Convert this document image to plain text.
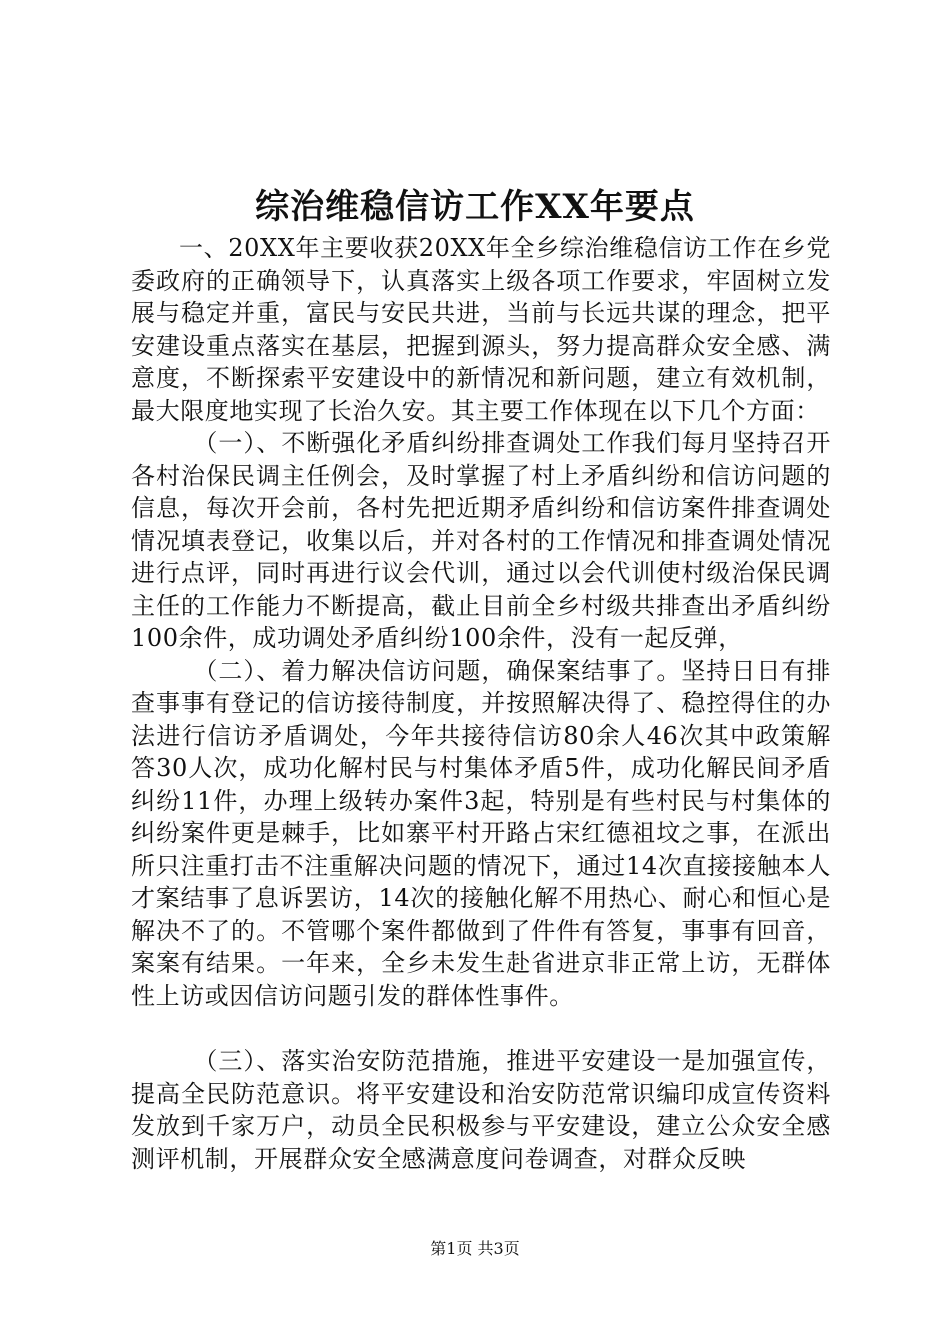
综治维稳信访工作XX年要点

一、20XX年主要收获20XX年全乡综治维稳信访工作在乡党委政府的正确领导下，认真落实上级各项工作要求，牢固树立发展与稳定并重，富民与安民共进，当前与长远共谋的理念，把平安建设重点落实在基层，把握到源头，努力提高群众安全感、满意度，不断探索平安建设中的新情况和新问题，建立有效机制，最大限度地实现了长治久安。其主要工作体现在以下几个方面：

（一）、不断强化矛盾纠纷排查调处工作我们每月坚持召开各村治保民调主任例会，及时掌握了村上矛盾纠纷和信访问题的信息，每次开会前，各村先把近期矛盾纠纷和信访案件排查调处情况填表登记，收集以后，并对各村的工作情况和排查调处情况进行点评，同时再进行议会代训，通过以会代训使村级治保民调主任的工作能力不断提高，截止目前全乡村级共排查出矛盾纠纷100余件，成功调处矛盾纠纷100余件，没有一起反弹，

（二）、着力解决信访问题，确保案结事了。坚持日日有排查事事有登记的信访接待制度，并按照解决得了、稳控得住的办法进行信访矛盾调处，今年共接待信访80余人46次其中政策解答30人次，成功化解村民与村集体矛盾5件，成功化解民间矛盾纠纷11件，办理上级转办案件3起，特别是有些村民与村集体的纠纷案件更是棘手，比如寨平村开路占宋红德祖坟之事，在派出所只注重打击不注重解决问题的情况下，通过14次直接接触本人才案结事了息诉罢访，14次的接触化解不用热心、耐心和恒心是解决不了的。不管哪个案件都做到了件件有答复，事事有回音，案案有结果。一年来，全乡未发生赴省进京非正常上访，无群体性上访或因信访问题引发的群体性事件。

（三）、落实治安防范措施，推进平安建设一是加强宣传，提高全民防范意识。将平安建设和治安防范常识编印成宣传资料发放到千家万户，动员全民积极参与平安建设，建立公众安全感测评机制，开展群众安全感满意度问卷调查，对群众反映

第1页 共3页
